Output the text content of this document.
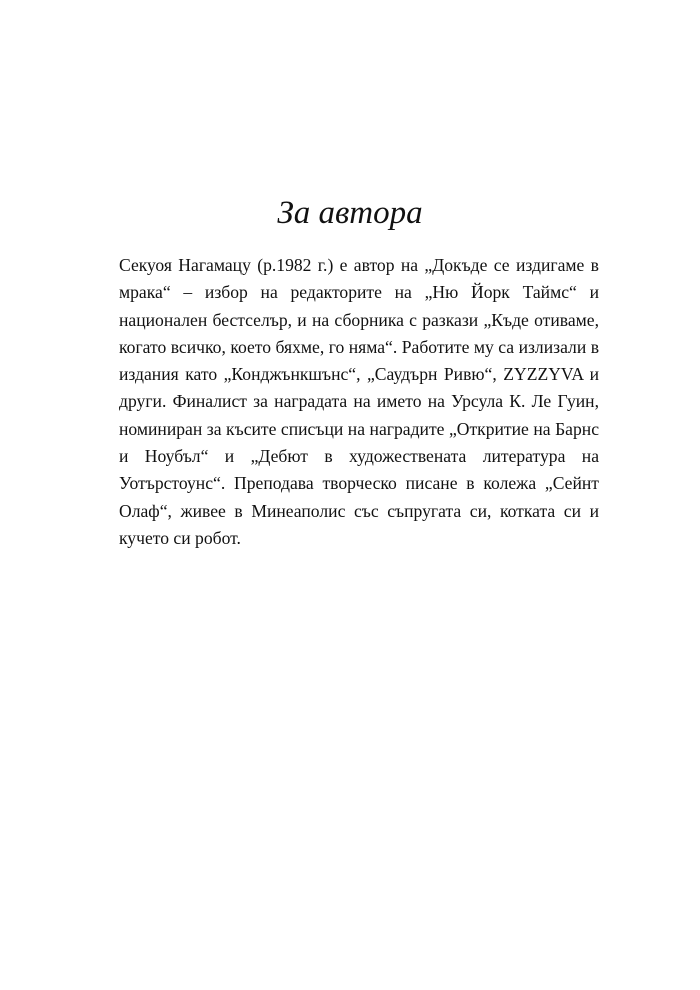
За автора

Секуоя Нагамацу (р.1982 г.) е автор на „Докъде се издигаме в мрака“ – избор на редакторите на „Ню Йорк Таймс“ и национален бестселър, и на сборника с разкази „Къде отиваме, когато всичко, което бяхме, го няма“. Работите му са излизали в издания като „Конджънкшънс“, „Саудърн Ривю“, ZYZZYVA и други. Финалист за наградата на името на Урсула К. Ле Гуин, номиниран за късите списъци на наградите „Откритие на Барнс и Ноубъл“ и „Дебют в художествената литература на Уотърстоунс“. Преподава творческо писане в колежа „Сейнт Олаф“, живее в Минеаполис със съпругата си, котката си и кучето си робот.
